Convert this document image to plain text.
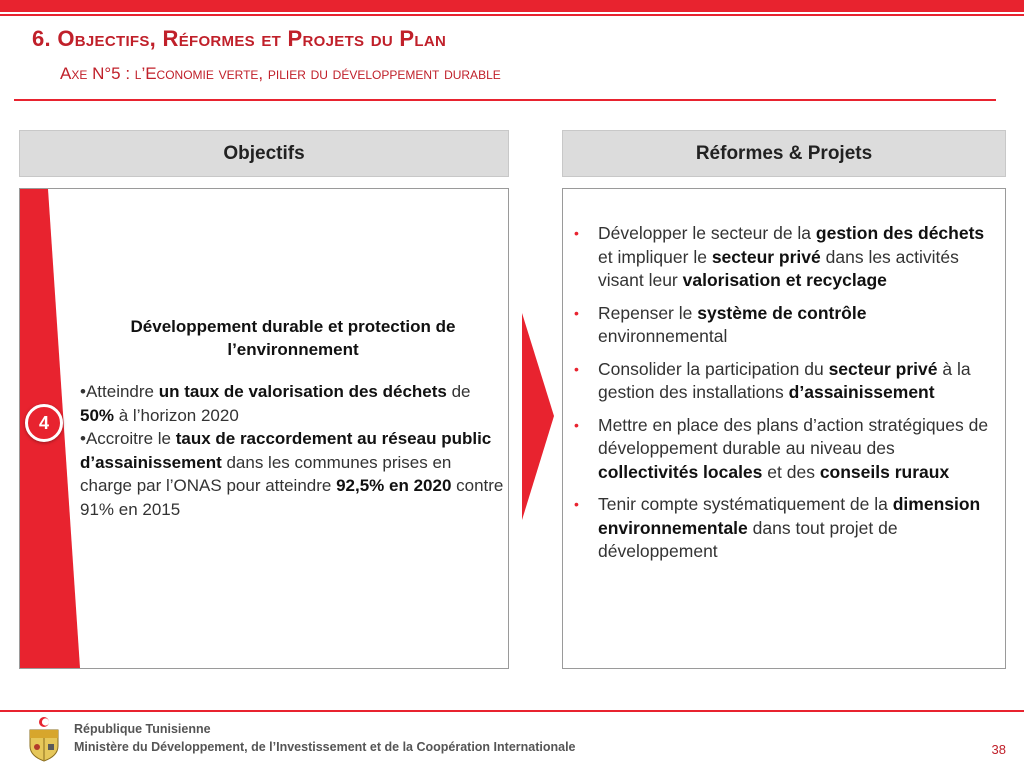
6. Objectifs, Réformes et Projets du Plan
Axe N°5 : l’Economie verte, pilier du développement durable
Objectifs	Réformes & Projets
4
Développement durable et protection de l’environnement

•Atteindre un taux de valorisation des déchets de 50% à l’horizon 2020

•Accroitre le taux de raccordement au réseau public d’assainissement dans les communes prises en charge par l’ONAS pour atteindre 92,5% en 2020 contre 91% en 2015

• Développer le secteur de la gestion des déchets et impliquer le secteur privé dans les activités visant leur valorisation et recyclage
• Repenser le système de contrôle environnemental
• Consolider la participation du secteur privé à la gestion des installations d’assainissement
• Mettre en place des plans d’action stratégiques de développement durable au niveau des collectivités locales et des conseils ruraux
• Tenir compte systématiquement de la dimension environnementale dans tout projet de développement
République Tunisienne
Ministère du Développement, de l’Investissement et de la Coopération Internationale	38
